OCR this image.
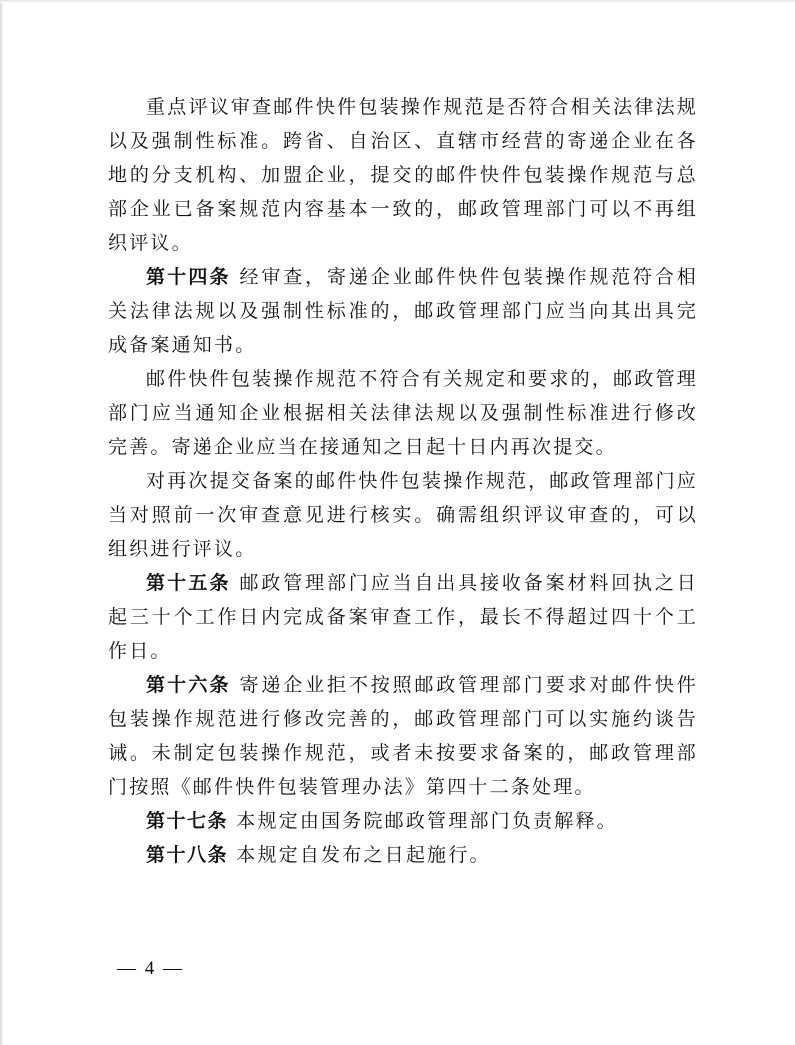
重点评议审查邮件快件包装操作规范是否符合相关法律法规以及强制性标准。跨省、自治区、直辖市经营的寄递企业在各地的分支机构、加盟企业，提交的邮件快件包装操作规范与总部企业已备案规范内容基本一致的，邮政管理部门可以不再组织评议。

第十四条 经审查，寄递企业邮件快件包装操作规范符合相关法律法规以及强制性标准的，邮政管理部门应当向其出具完成备案通知书。

邮件快件包装操作规范不符合有关规定和要求的，邮政管理部门应当通知企业根据相关法律法规以及强制性标准进行修改完善。寄递企业应当在接通知之日起十日内再次提交。

对再次提交备案的邮件快件包装操作规范，邮政管理部门应当对照前一次审查意见进行核实。确需组织评议审查的，可以组织进行评议。

第十五条 邮政管理部门应当自出具接收备案材料回执之日起三十个工作日内完成备案审查工作，最长不得超过四十个工作日。

第十六条 寄递企业拒不按照邮政管理部门要求对邮件快件包装操作规范进行修改完善的，邮政管理部门可以实施约谈告诫。未制定包装操作规范，或者未按要求备案的，邮政管理部门按照《邮件快件包装管理办法》第四十二条处理。

第十七条 本规定由国务院邮政管理部门负责解释。

第十八条 本规定自发布之日起施行。

— 4 —
